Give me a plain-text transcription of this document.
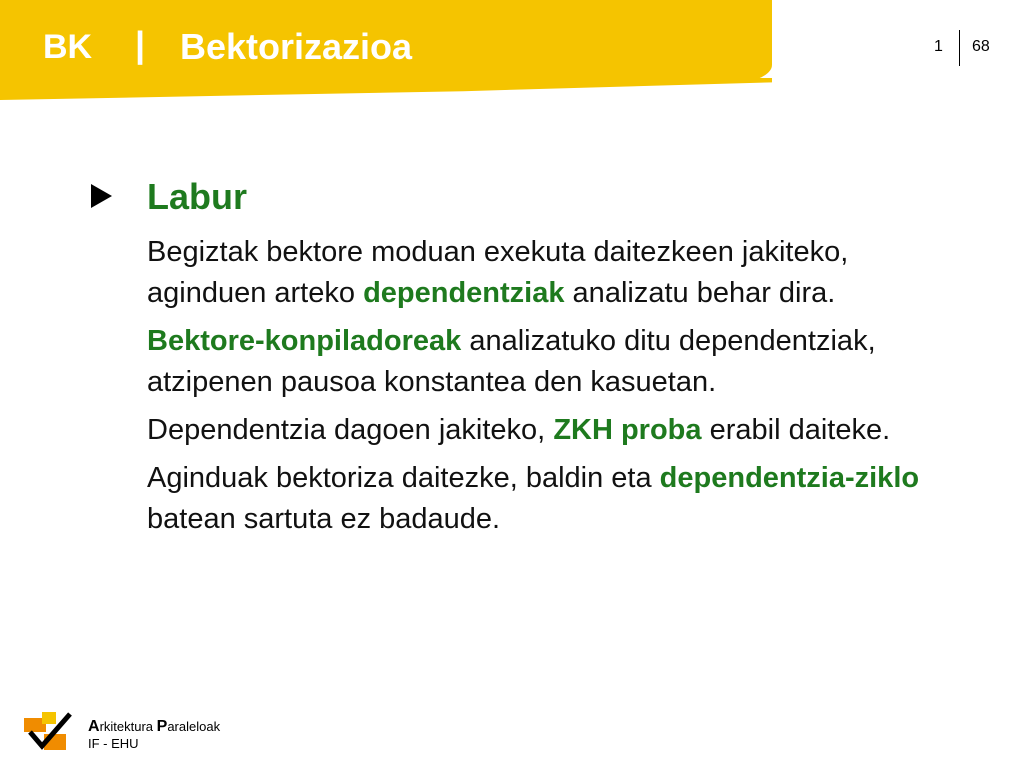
BK | Bektorizazioa	1 68
Labur

Begiztak bektore moduan exekuta daitezkeen jakiteko, aginduen arteko dependentziak analizatu behar dira.

Bektore-konpiladoreak analizatuko ditu dependentziak, atzipenen pausoa konstantea den kasuetan.

Dependentzia dagoen jakiteko, ZKH proba erabil daiteke.

Aginduak bektoriza daitezke, baldin eta dependentzia-ziklo batean sartuta ez badaude.

Arkitektura Paraleloak
IF - EHU
